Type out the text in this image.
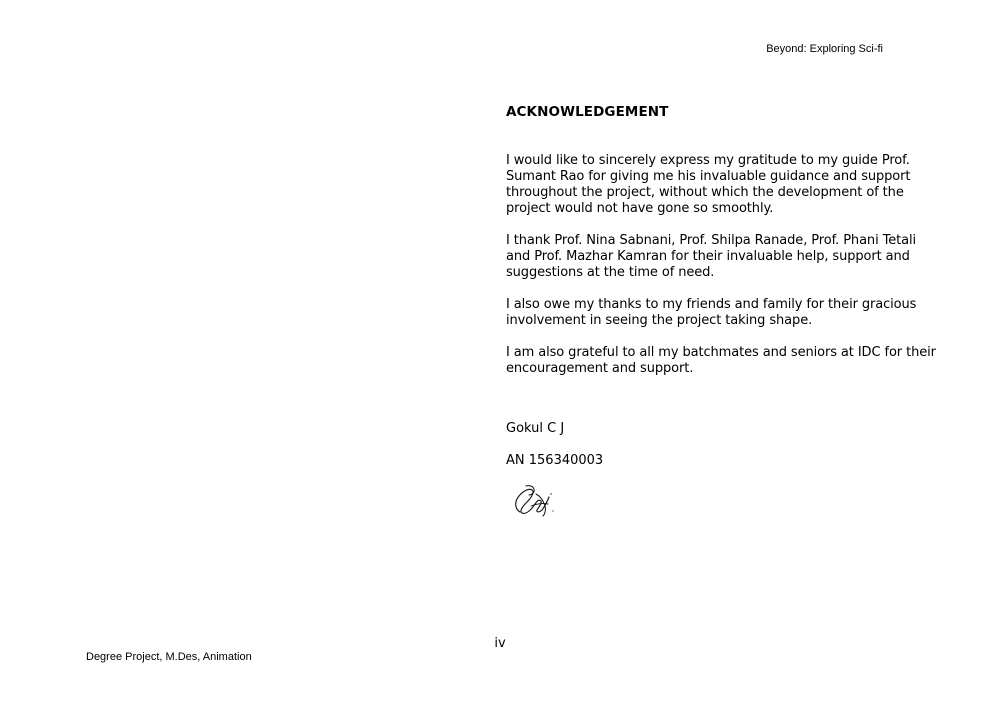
Beyond: Exploring Sci-fi
ACKNOWLEDGEMENT

I would like to sincerely express my gratitude to my guide Prof.
Sumant Rao for giving me his invaluable guidance and support
throughout the project, without which the development of the
project would not have gone so smoothly.

I thank Prof. Nina Sabnani, Prof. Shilpa Ranade, Prof. Phani Tetali
and Prof. Mazhar Kamran for their invaluable help, support and
suggestions at the time of need.

I also owe my thanks to my friends and family for their gracious
involvement in seeing the project taking shape.

I am also grateful to all my batchmates and seniors at IDC for their
encouragement and support.

Gokul C J

AN 156340003

iv
Degree Project, M.Des, Animation
